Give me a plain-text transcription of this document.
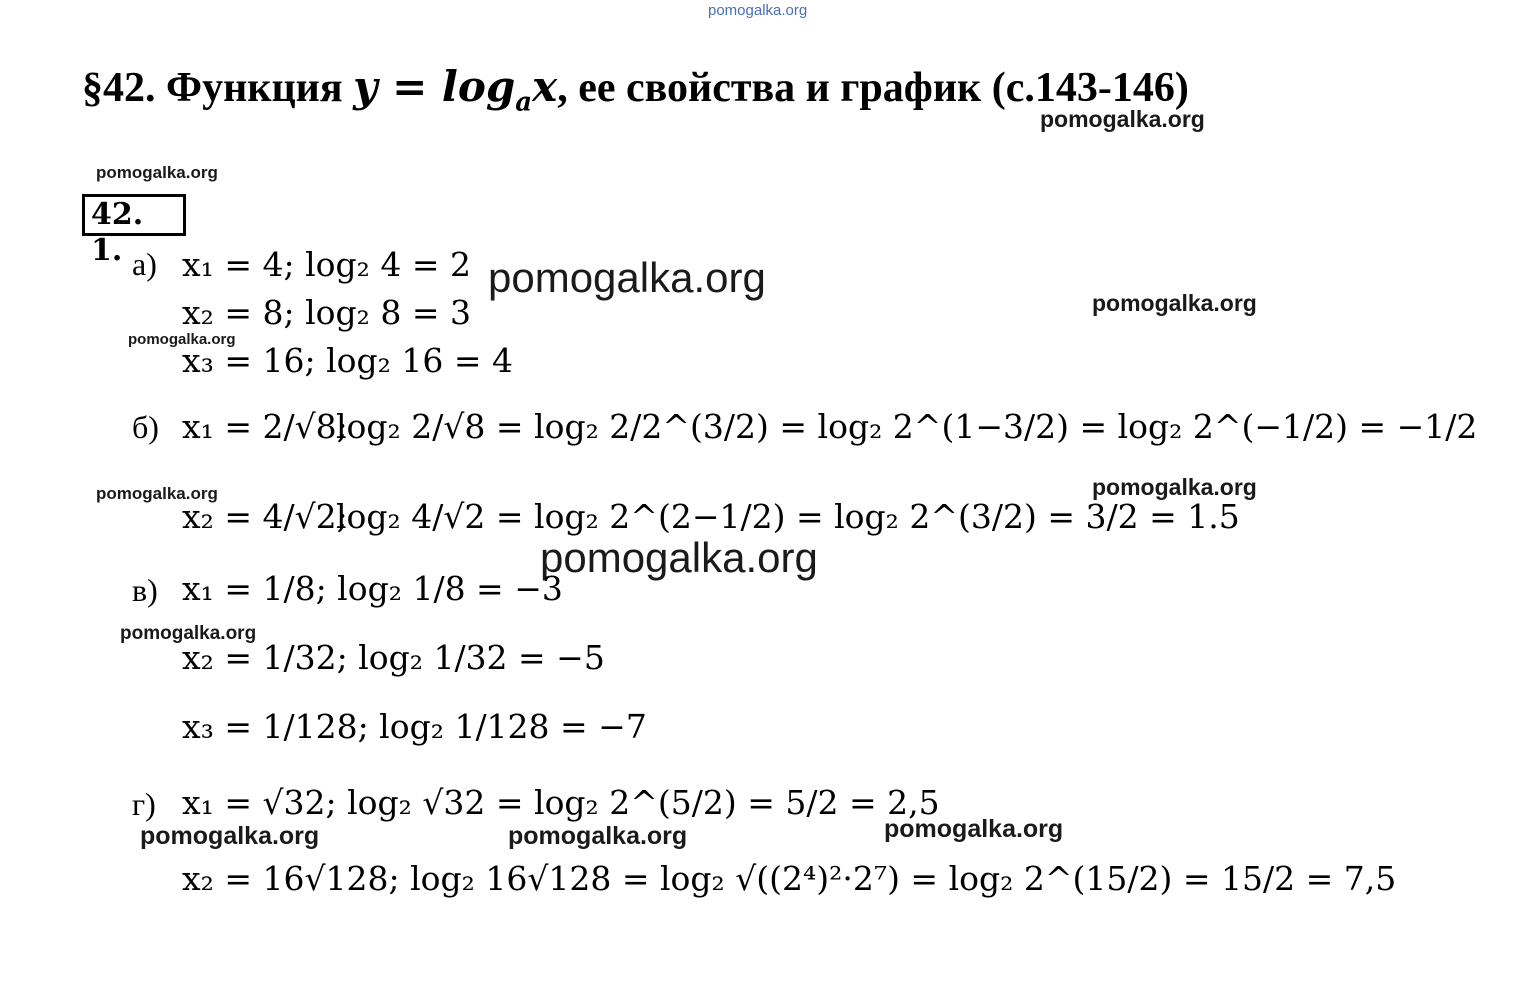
pomogalka.org
pomogalka.org
pomogalka.org
pomogalka.org
pomogalka.org
pomogalka.org
pomogalka.org	pomogalka.org
pomogalka.org
pomogalka.org
pomogalka.org	pomogalka.org	pomogalka.org
§42. Функция $y = \log_ax$, ее свойства и график (с.143-146)
42. 1. а)
б)
в)
г)
x₁ = 4; log₂ 4 = 2
x₂ = 8; log₂ 8 = 3
x₃ = 16; log₂ 16 = 4
x₁ = 2/√8;
log₂ 2/√8 = log₂ 2/2^(3/2) = log₂ 2^(1−3/2) = log₂ 2^(−1/2) = −1/2
x₂ = 4/√2;
log₂ 4/√2 = log₂ 2^(2−1/2) = log₂ 2^(3/2) = 3/2 = 1.5
x₁ = 1/8; log₂ 1/8 = −3
x₂ = 1/32; log₂ 1/32 = −5
x₃ = 1/128; log₂ 1/128 = −7
x₁ = √32; log₂ √32 = log₂ 2^(5/2) = 5/2 = 2,5
x₂ = 16√128; log₂ 16√128 = log₂ √((2⁴)²·2⁷) = log₂ 2^(15/2) = 15/2 = 7,5
